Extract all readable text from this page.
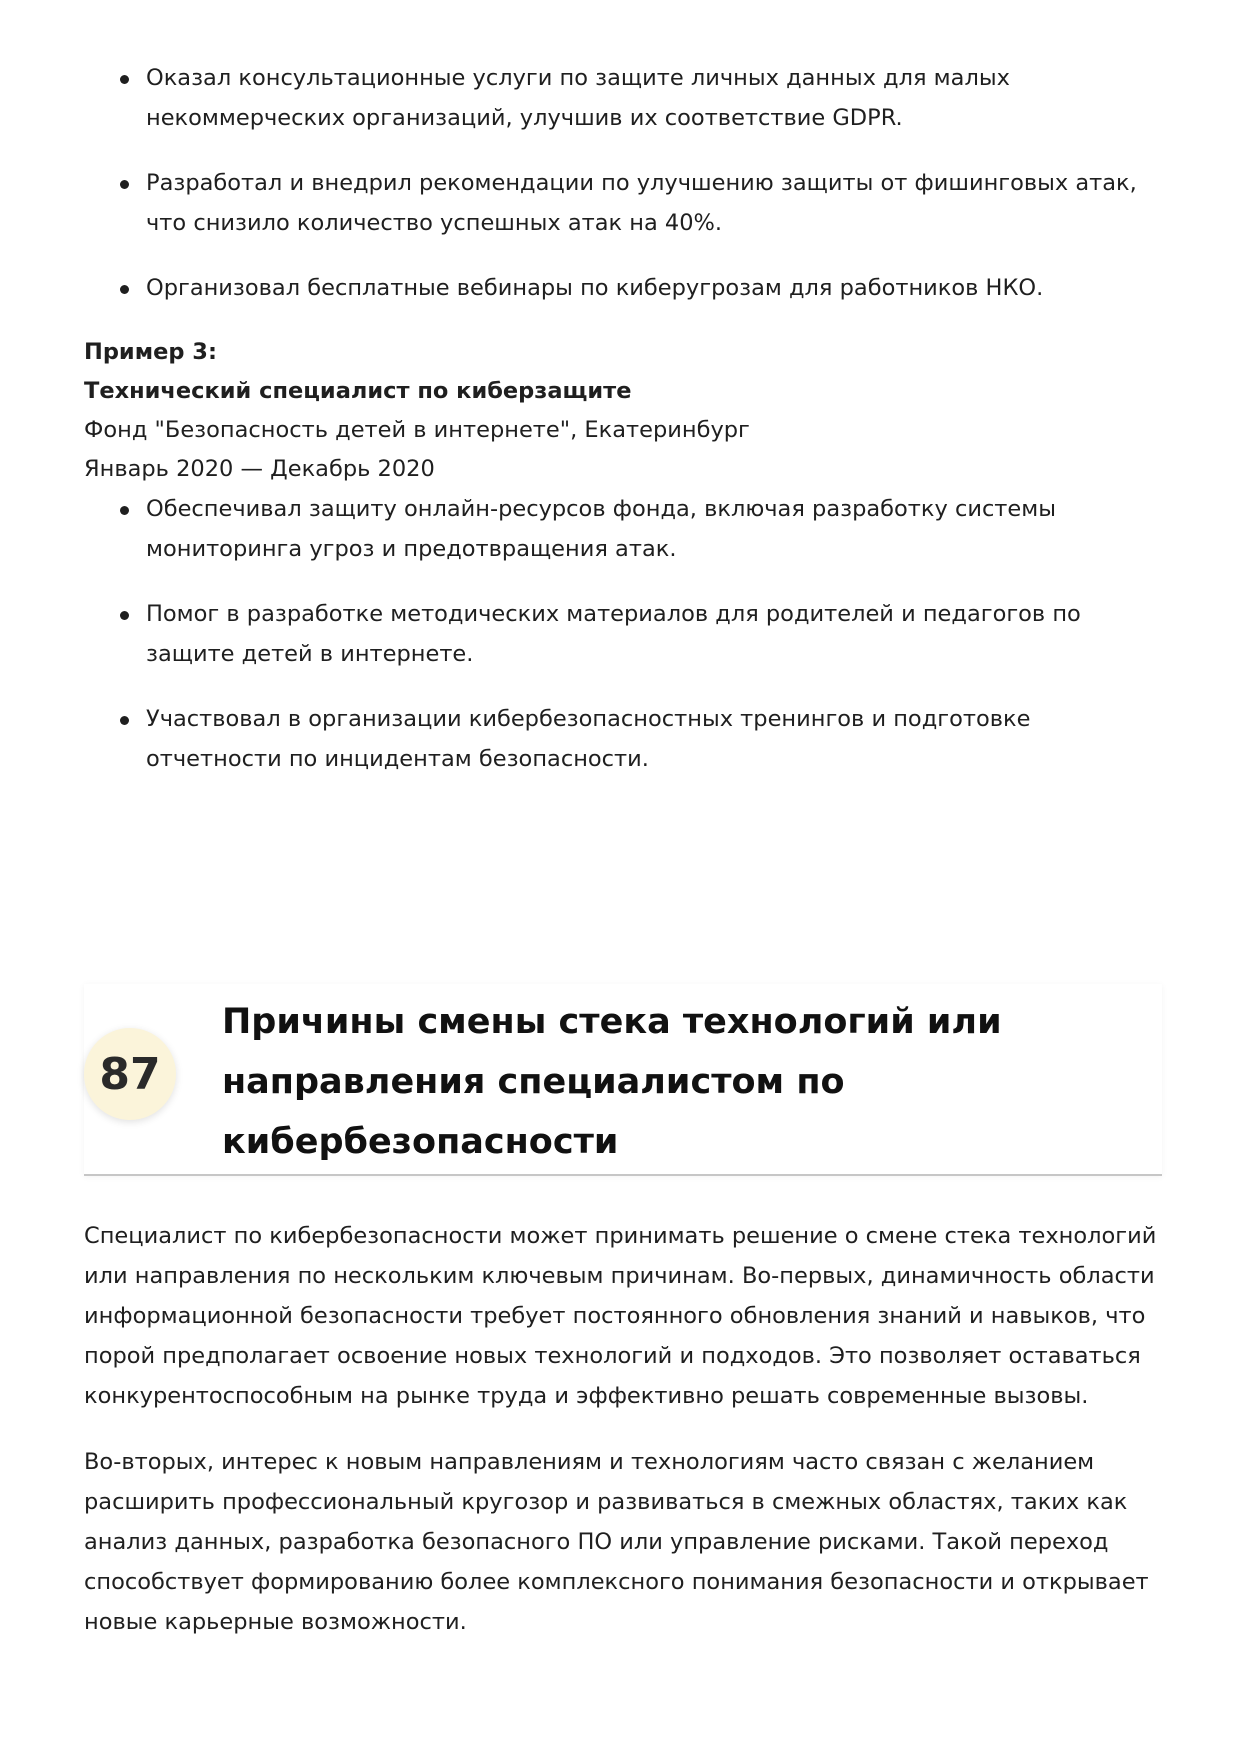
Оказал консультационные услуги по защите личных данных для малых некоммерческих организаций, улучшив их соответствие GDPR.
Разработал и внедрил рекомендации по улучшению защиты от фишинговых атак, что снизило количество успешных атак на 40%.
Организовал бесплатные вебинары по киберугрозам для работников НКО.
Пример 3:
Технический специалист по киберзащите
Фонд "Безопасность детей в интернете", Екатеринбург
Январь 2020 — Декабрь 2020
Обеспечивал защиту онлайн-ресурсов фонда, включая разработку системы мониторинга угроз и предотвращения атак.
Помог в разработке методических материалов для родителей и педагогов по защите детей в интернете.
Участвовал в организации кибербезопасностных тренингов и подготовке отчетности по инцидентам безопасности.
87
Причины смены стека технологий или направления специалистом по кибербезопасности

Специалист по кибербезопасности может принимать решение о смене стека технологий или направления по нескольким ключевым причинам. Во-первых, динамичность области информационной безопасности требует постоянного обновления знаний и навыков, что порой предполагает освоение новых технологий и подходов. Это позволяет оставаться конкурентоспособным на рынке труда и эффективно решать современные вызовы.

Во-вторых, интерес к новым направлениям и технологиям часто связан с желанием расширить профессиональный кругозор и развиваться в смежных областях, таких как анализ данных, разработка безопасного ПО или управление рисками. Такой переход способствует формированию более комплексного понимания безопасности и открывает новые карьерные возможности.
